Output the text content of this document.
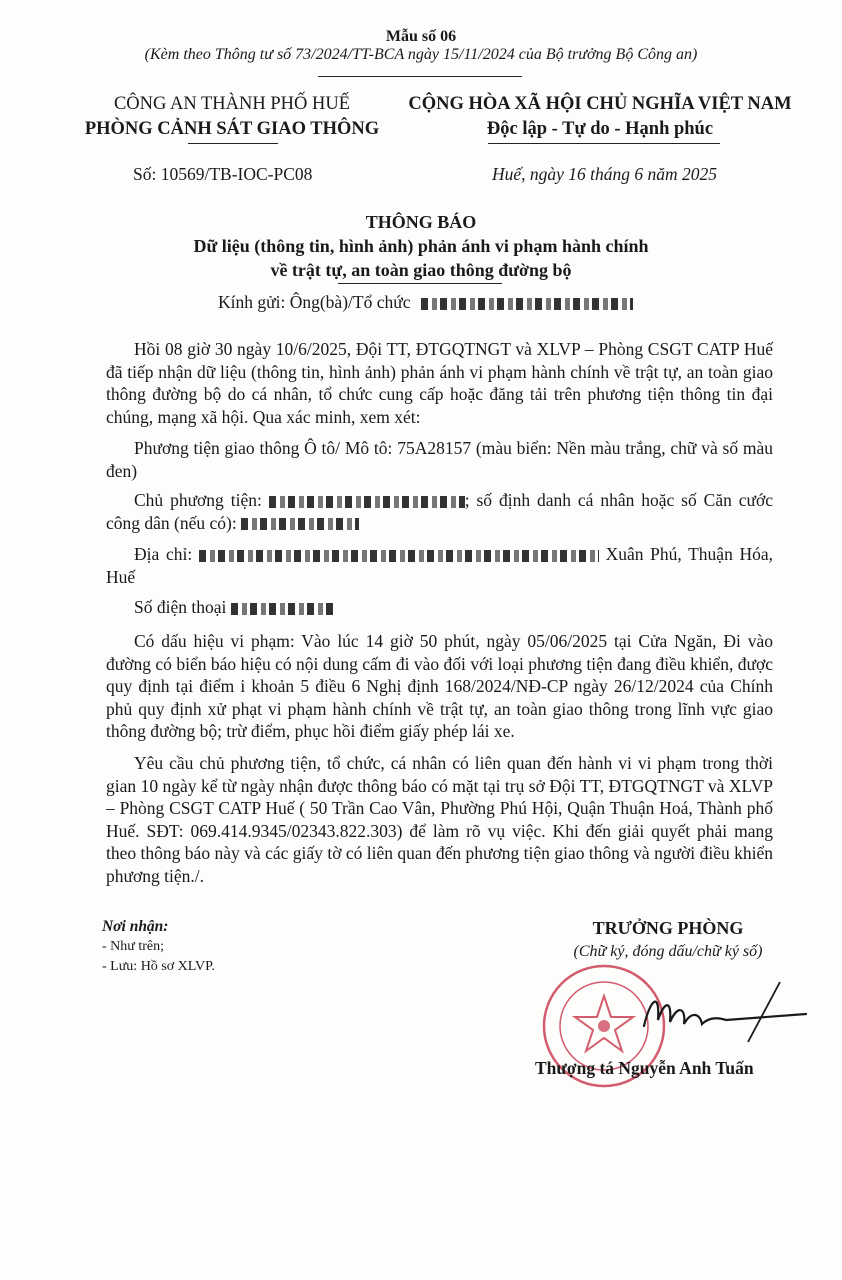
Mẫu số 06
(Kèm theo Thông tư số 73/2024/TT-BCA ngày 15/11/2024 của Bộ trưởng Bộ Công an)
CÔNG AN THÀNH PHỐ HUẾ
PHÒNG CẢNH SÁT GIAO THÔNG
CỘNG HÒA XÃ HỘI CHỦ NGHĨA VIỆT NAM
Độc lập - Tự do - Hạnh phúc
Số: 10569/TB-IOC-PC08	Huế, ngày 16 tháng 6 năm 2025
THÔNG BÁO
Dữ liệu (thông tin, hình ảnh) phản ánh vi phạm hành chính
về trật tự, an toàn giao thông đường bộ
Kính gửi: Ông(bà)/Tổ chức

Hồi 08 giờ 30 ngày 10/6/2025, Đội TT, ĐTGQTNGT và XLVP – Phòng CSGT CATP Huế đã tiếp nhận dữ liệu (thông tin, hình ảnh) phản ánh vi phạm hành chính về trật tự, an toàn giao thông đường bộ do cá nhân, tổ chức cung cấp hoặc đăng tải trên phương tiện thông tin đại chúng, mạng xã hội. Qua xác minh, xem xét:

Phương tiện giao thông Ô tô/ Mô tô: 75A28157 (màu biển: Nền màu trắng, chữ và số màu đen)

Chủ phương tiện:	; số định danh cá nhân hoặc số Căn cước công dân (nếu có):

Địa chỉ:	Xuân Phú, Thuận Hóa, Huế

Số điện thoại

Có dấu hiệu vi phạm: Vào lúc 14 giờ 50 phút, ngày 05/06/2025 tại Cửa Ngăn, Đi vào đường có biển báo hiệu có nội dung cấm đi vào đối với loại phương tiện đang điều khiển, được quy định tại điểm i khoản 5 điều 6 Nghị định 168/2024/NĐ-CP ngày 26/12/2024 của Chính phủ quy định xử phạt vi phạm hành chính về trật tự, an toàn giao thông trong lĩnh vực giao thông đường bộ; trừ điểm, phục hồi điểm giấy phép lái xe.

Yêu cầu chủ phương tiện, tổ chức, cá nhân có liên quan đến hành vi vi phạm trong thời gian 10 ngày kể từ ngày nhận được thông báo có mặt tại trụ sở Đội TT, ĐTGQTNGT và XLVP – Phòng CSGT CATP Huế ( 50 Trần Cao Vân, Phường Phú Hội, Quận Thuận Hoá, Thành phố Huế. SĐT: 069.414.9345/02343.822.303) để làm rõ vụ việc. Khi đến giải quyết phải mang theo thông báo này và các giấy tờ có liên quan đến phương tiện giao thông và người điều khiển phương tiện./.

Nơi nhận:
- Như trên;
- Lưu: Hồ sơ XLVP.
TRƯỞNG PHÒNG
(Chữ ký, đóng dấu/chữ ký số)
Thượng tá Nguyễn Anh Tuấn
